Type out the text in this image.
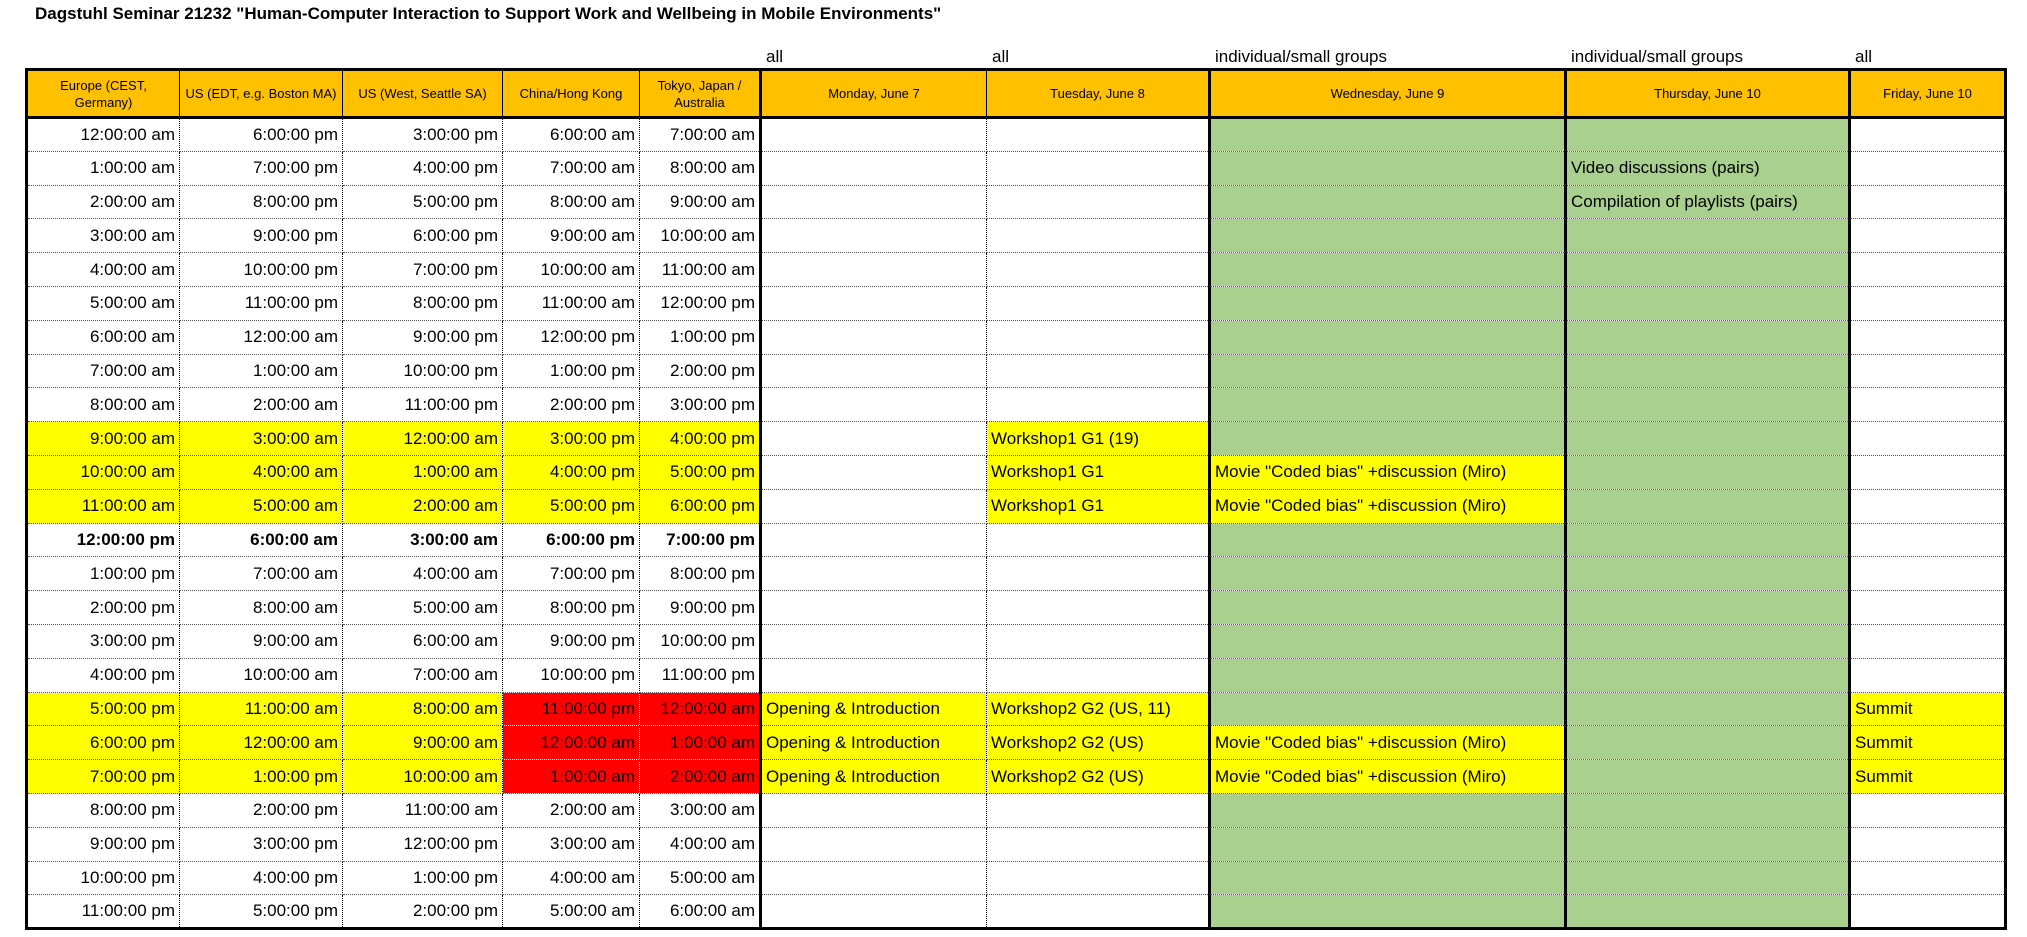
Dagstuhl Seminar 21232 "Human-Computer Interaction to Support Work and Wellbeing in Mobile Environments"
all	all	individual/small groups	individual/small groups	all
Europe (CEST, Germany)	US (EDT, e.g. Boston MA)	US (West, Seattle SA)	China/Hong Kong	Tokyo, Japan / Australia	Monday, June 7	Tuesday, June 8	Wednesday, June 9	Thursday, June 10	Friday, June 10
12:00:00 am	6:00:00 pm	3:00:00 pm	6:00:00 am	7:00:00 am					
1:00:00 am	7:00:00 pm	4:00:00 pm	7:00:00 am	8:00:00 am				Video discussions (pairs)	
2:00:00 am	8:00:00 pm	5:00:00 pm	8:00:00 am	9:00:00 am				Compilation of playlists (pairs)	
3:00:00 am	9:00:00 pm	6:00:00 pm	9:00:00 am	10:00:00 am					
4:00:00 am	10:00:00 pm	7:00:00 pm	10:00:00 am	11:00:00 am					
5:00:00 am	11:00:00 pm	8:00:00 pm	11:00:00 am	12:00:00 pm					
6:00:00 am	12:00:00 am	9:00:00 pm	12:00:00 pm	1:00:00 pm					
7:00:00 am	1:00:00 am	10:00:00 pm	1:00:00 pm	2:00:00 pm					
8:00:00 am	2:00:00 am	11:00:00 pm	2:00:00 pm	3:00:00 pm					
9:00:00 am	3:00:00 am	12:00:00 am	3:00:00 pm	4:00:00 pm		Workshop1 G1 (19)			
10:00:00 am	4:00:00 am	1:00:00 am	4:00:00 pm	5:00:00 pm		Workshop1 G1	Movie "Coded bias" +discussion (Miro)		
11:00:00 am	5:00:00 am	2:00:00 am	5:00:00 pm	6:00:00 pm		Workshop1 G1	Movie "Coded bias" +discussion (Miro)		
12:00:00 pm	6:00:00 am	3:00:00 am	6:00:00 pm	7:00:00 pm					
1:00:00 pm	7:00:00 am	4:00:00 am	7:00:00 pm	8:00:00 pm					
2:00:00 pm	8:00:00 am	5:00:00 am	8:00:00 pm	9:00:00 pm					
3:00:00 pm	9:00:00 am	6:00:00 am	9:00:00 pm	10:00:00 pm					
4:00:00 pm	10:00:00 am	7:00:00 am	10:00:00 pm	11:00:00 pm					
5:00:00 pm	11:00:00 am	8:00:00 am	11:00:00 pm	12:00:00 am	Opening & Introduction	Workshop2 G2 (US, 11)			Summit
6:00:00 pm	12:00:00 am	9:00:00 am	12:00:00 am	1:00:00 am	Opening & Introduction	Workshop2 G2 (US)	Movie "Coded bias" +discussion (Miro)		Summit
7:00:00 pm	1:00:00 pm	10:00:00 am	1:00:00 am	2:00:00 am	Opening & Introduction	Workshop2 G2 (US)	Movie "Coded bias" +discussion (Miro)		Summit
8:00:00 pm	2:00:00 pm	11:00:00 am	2:00:00 am	3:00:00 am					
9:00:00 pm	3:00:00 pm	12:00:00 pm	3:00:00 am	4:00:00 am					
10:00:00 pm	4:00:00 pm	1:00:00 pm	4:00:00 am	5:00:00 am					
11:00:00 pm	5:00:00 pm	2:00:00 pm	5:00:00 am	6:00:00 am					
